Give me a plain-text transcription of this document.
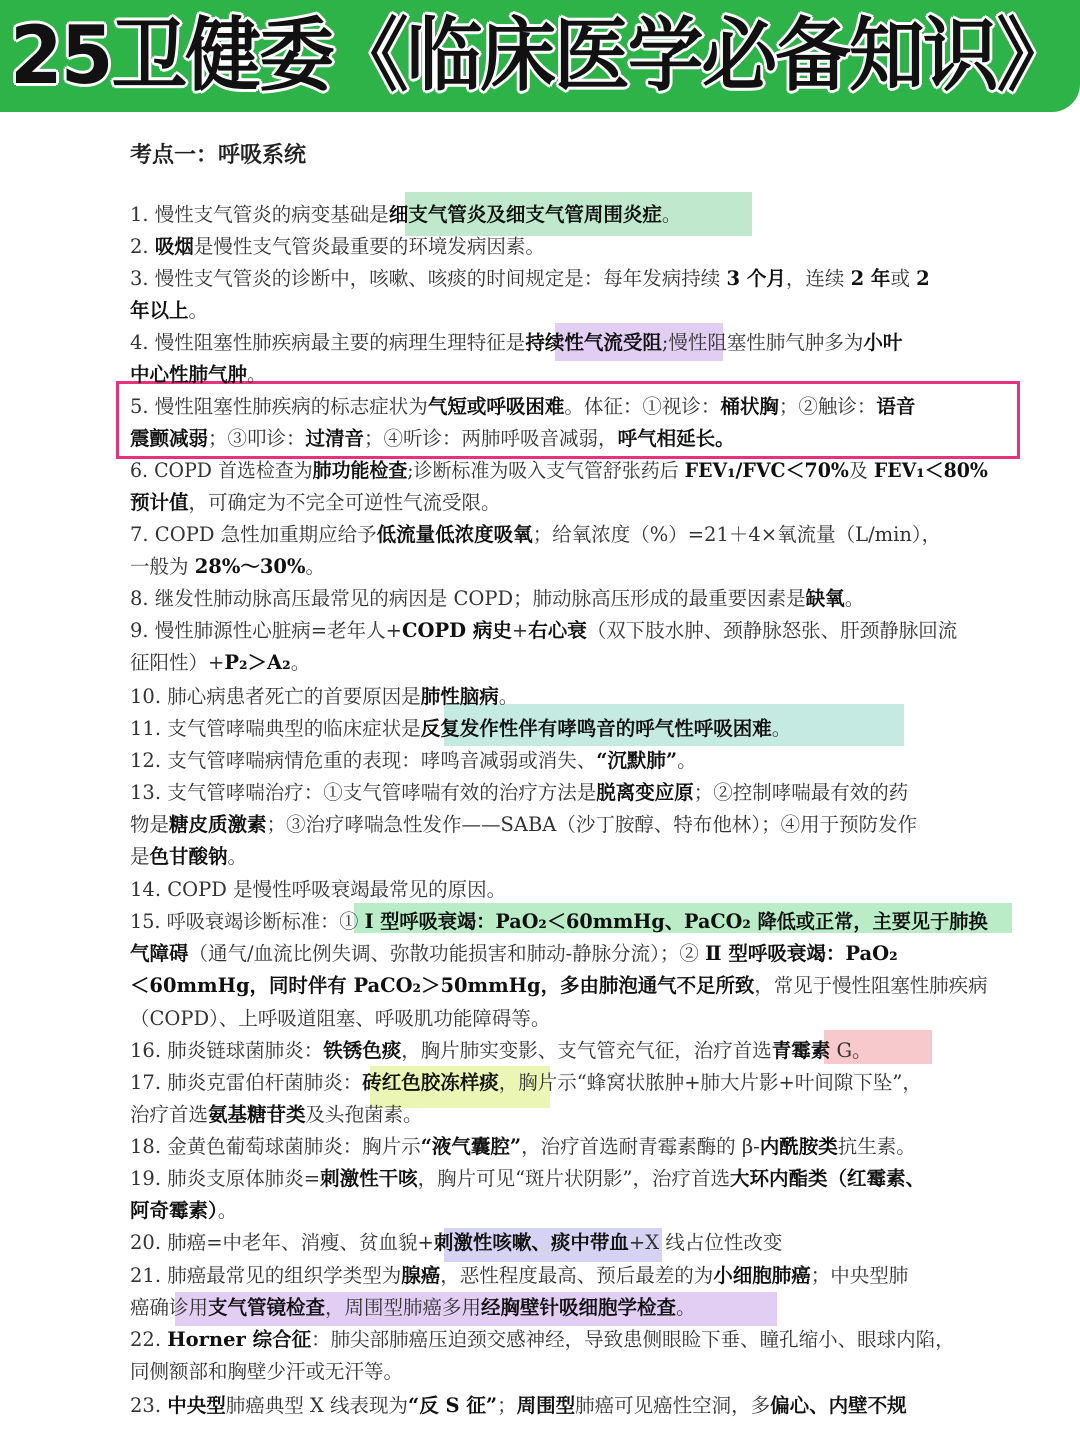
25卫健委《临床医学必备知识》
考点一：呼吸系统
1. 慢性支气管炎的病变基础是细支气管炎及细支气管周围炎症。
2. 吸烟是慢性支气管炎最重要的环境发病因素。
3. 慢性支气管炎的诊断中，咳嗽、咳痰的时间规定是：每年发病持续 3 个月，连续 2 年或 2
年以上。
4. 慢性阻塞性肺疾病最主要的病理生理特征是持续性气流受阻;慢性阻塞性肺气肿多为小叶
中心性肺气肿。
5. 慢性阻塞性肺疾病的标志症状为气短或呼吸困难。体征：①视诊：桶状胸；②触诊：语音
震颤减弱；③叩诊：过清音；④听诊：两肺呼吸音减弱，呼气相延长。
6. COPD 首选检查为肺功能检查;诊断标准为吸入支气管舒张药后 FEV₁/FVC＜70%及 FEV₁＜80%
预计值，可确定为不完全可逆性气流受限。
7. COPD 急性加重期应给予低流量低浓度吸氧；给氧浓度（%）=21＋4×氧流量（L/min），
一般为 28%～30%。
8. 继发性肺动脉高压最常见的病因是 COPD；肺动脉高压形成的最重要因素是缺氧。
9. 慢性肺源性心脏病=老年人+COPD 病史+右心衰（双下肢水肿、颈静脉怒张、肝颈静脉回流
征阳性）+P₂＞A₂。
10. 肺心病患者死亡的首要原因是肺性脑病。
11. 支气管哮喘典型的临床症状是反复发作性伴有哮鸣音的呼气性呼吸困难。
12. 支气管哮喘病情危重的表现：哮鸣音减弱或消失、“沉默肺”。
13. 支气管哮喘治疗：①支气管哮喘有效的治疗方法是脱离变应原；②控制哮喘最有效的药
物是糖皮质激素；③治疗哮喘急性发作——SABA（沙丁胺醇、特布他林）；④用于预防发作
是色甘酸钠。
14. COPD 是慢性呼吸衰竭最常见的原因。
15. 呼吸衰竭诊断标准：① Ⅰ 型呼吸衰竭：PaO₂＜60mmHg、PaCO₂ 降低或正常，主要见于肺换
气障碍（通气/血流比例失调、弥散功能损害和肺动-静脉分流）；② Ⅱ 型呼吸衰竭：PaO₂
＜60mmHg，同时伴有 PaCO₂＞50mmHg，多由肺泡通气不足所致，常见于慢性阻塞性肺疾病
（COPD）、上呼吸道阻塞、呼吸肌功能障碍等。
16. 肺炎链球菌肺炎：铁锈色痰，胸片肺实变影、支气管充气征，治疗首选青霉素 G。
17. 肺炎克雷伯杆菌肺炎：砖红色胶冻样痰，胸片示“蜂窝状脓肿+肺大片影+叶间隙下坠”，
治疗首选氨基糖苷类及头孢菌素。
18. 金黄色葡萄球菌肺炎：胸片示“液气囊腔”，治疗首选耐青霉素酶的 β-内酰胺类抗生素。
19. 肺炎支原体肺炎=刺激性干咳，胸片可见“斑片状阴影”，治疗首选大环内酯类（红霉素、
阿奇霉素）。
20. 肺癌=中老年、消瘦、贫血貌+刺激性咳嗽、痰中带血+X 线占位性改变
21. 肺癌最常见的组织学类型为腺癌，恶性程度最高、预后最差的为小细胞肺癌；中央型肺
癌确诊用支气管镜检查，周围型肺癌多用经胸壁针吸细胞学检查。
22. Horner 综合征：肺尖部肺癌压迫颈交感神经，导致患侧眼睑下垂、瞳孔缩小、眼球内陷，
同侧额部和胸壁少汗或无汗等。
23. 中央型肺癌典型 X 线表现为“反 S 征”；周围型肺癌可见癌性空洞，多偏心、内壁不规
